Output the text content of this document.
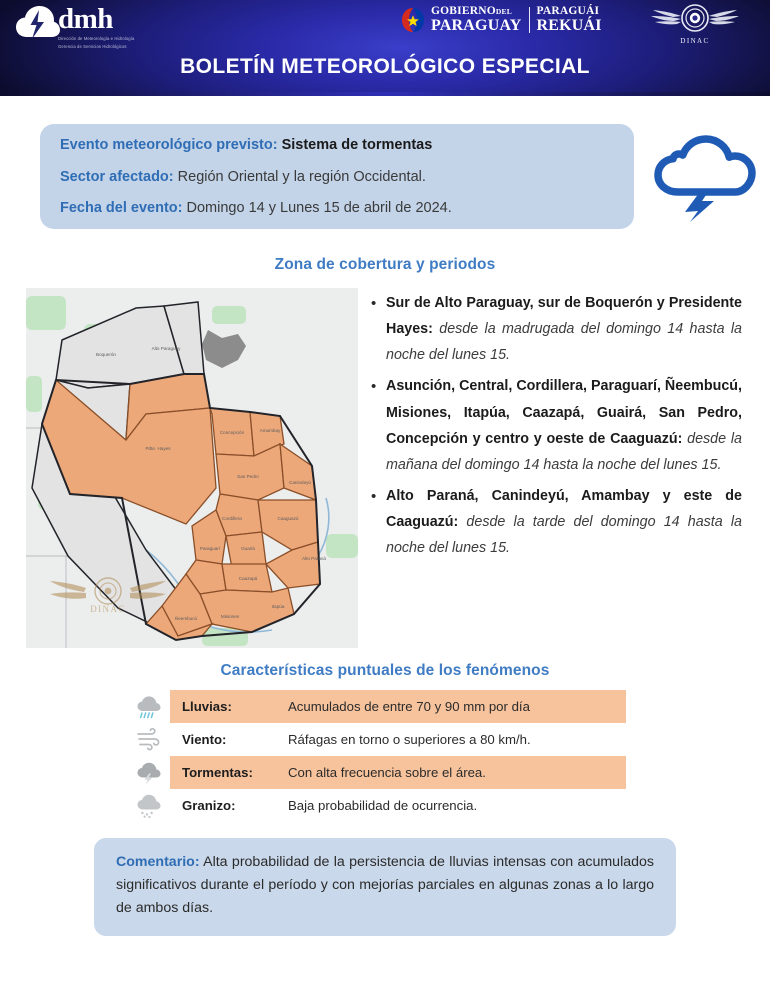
dmh
Dirección de Meteorología e Hidrología
Gerencia de Servicios Hidrológicos
GOBIERNODEL
PARAGUAY
PARAGUÁI
REKUÁI
DINAC
BOLETÍN METEOROLÓGICO ESPECIAL
Evento meteorológico previsto: Sistema de tormentas
Sector afectado: Región Oriental y la región Occidental.
Fecha del evento: Domingo 14 y Lunes 15 de abril de 2024.
Zona de cobertura y periodos
Alto Paraguay
Boquerón
Pdte. Hayes
Concepción	Amambay
San Pedro
Canindeyú
Cordillera	Caaguazú
Alto Paraná
Paraguarí	Guairá
Caazapá
Itapúa
Ñeembucú	Misiones
DINAC
• Sur de Alto Paraguay, sur de Boquerón y Presidente Hayes: desde la madrugada del domingo 14 hasta la noche del lunes 15.
• Asunción, Central, Cordillera, Paraguarí, Ñeembucú, Misiones, Itapúa, Caazapá, Guairá, San Pedro, Concepción y centro y oeste de Caaguazú: desde la mañana del domingo 14 hasta la noche del lunes 15.
• Alto Paraná, Canindeyú, Amambay y este de Caaguazú: desde la tarde del domingo 14 hasta la noche del lunes 15.
Características puntuales de los fenómenos
Lluvias:	Acumulados de entre 70 y 90 mm por día
Viento:	Ráfagas en torno o superiores a 80 km/h.
Tormentas:	Con alta frecuencia sobre el área.
Granizo:	Baja probabilidad de ocurrencia.
Comentario: Alta probabilidad de la persistencia de lluvias intensas con acumulados significativos durante el período y con mejorías parciales en algunas zonas a lo largo de ambos días.
